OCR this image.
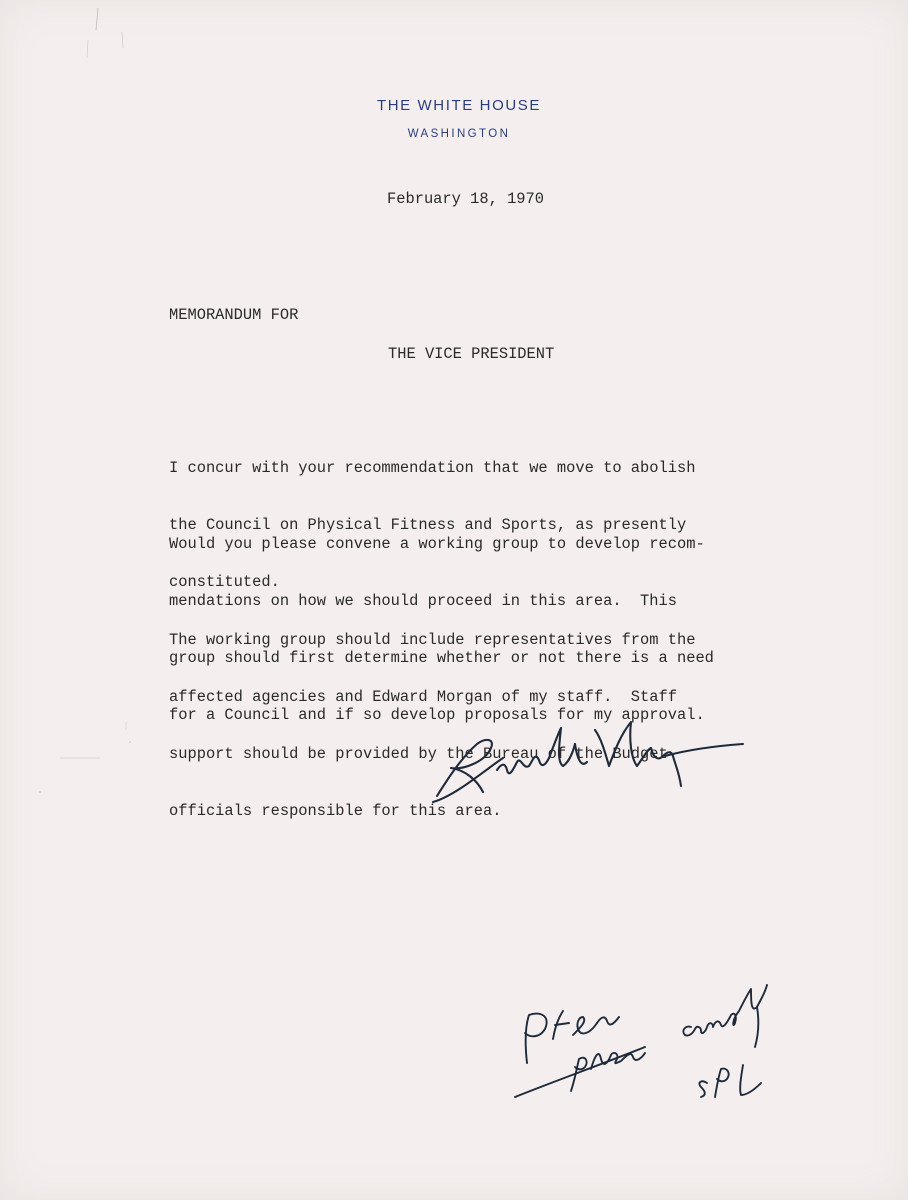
THE WHITE HOUSE
WASHINGTON
February 18, 1970
MEMORANDUM FOR
THE VICE PRESIDENT

I concur with your recommendation that we move to abolish

the Council on Physical Fitness and Sports, as presently

constituted.

Would you please convene a working group to develop recom-

mendations on how we should proceed in this area.  This

group should first determine whether or not there is a need

for a Council and if so develop proposals for my approval.

The working group should include representatives from the

affected agencies and Edward Morgan of my staff.  Staff

support should be provided by the Bureau of the Budget

officials responsible for this area.
